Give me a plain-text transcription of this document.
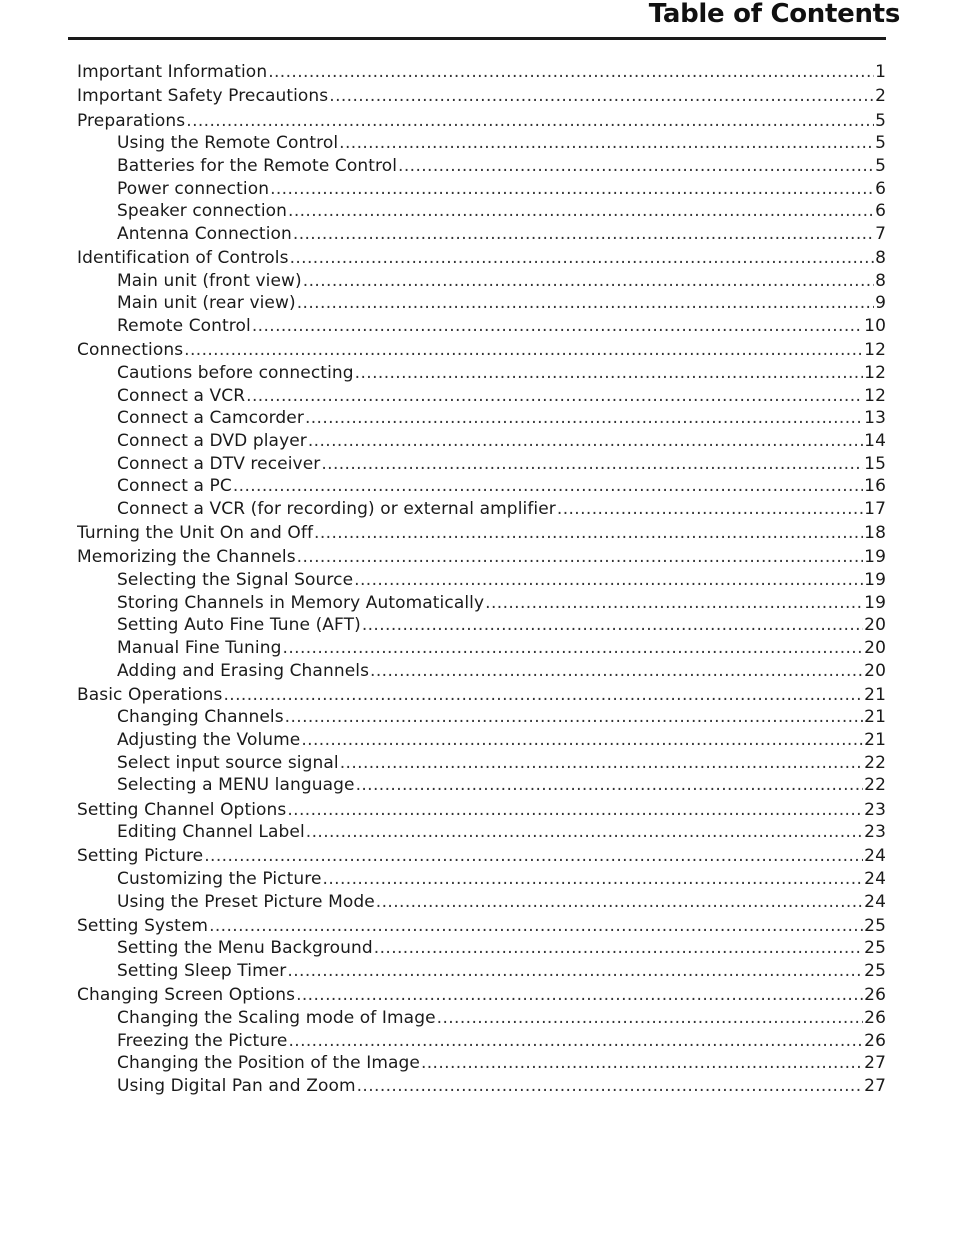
Table of Contents
Important Information .....	1
Important Safety Precautions .....	2
Preparations .....	5
Using the Remote Control .....	5
Batteries for the Remote Control .....	5
Power connection .....	6
Speaker connection .....	6
Antenna Connection .....	7
Identification of Controls .....	8
Main unit (front view) .....	8
Main unit (rear view) .....	9
Remote Control .....	10
Connections .....	12
Cautions before connecting .....	12
Connect a VCR .....	12
Connect a Camcorder .....	13
Connect a DVD player .....	14
Connect a DTV receiver .....	15
Connect a PC .....	16
Connect a VCR (for recording) or external amplifier .....	17
Turning the Unit On and Off .....	18
Memorizing the Channels .....	19
Selecting the Signal Source .....	19
Storing Channels in Memory Automatically .....	19
Setting Auto Fine Tune (AFT) .....	20
Manual Fine Tuning .....	20
Adding and Erasing Channels .....	20
Basic Operations .....	21
Changing Channels .....	21
Adjusting the Volume .....	21
Select input source signal .....	22
Selecting a MENU language .....	22
Setting Channel Options .....	23
Editing Channel Label .....	23
Setting Picture .....	24
Customizing the Picture .....	24
Using the Preset Picture Mode .....	24
Setting System .....	25
Setting the Menu Background .....	25
Setting Sleep Timer .....	25
Changing Screen Options .....	26
Changing the Scaling mode of Image .....	26
Freezing the Picture .....	26
Changing the Position of the Image .....	27
Using Digital Pan and Zoom .....	27
